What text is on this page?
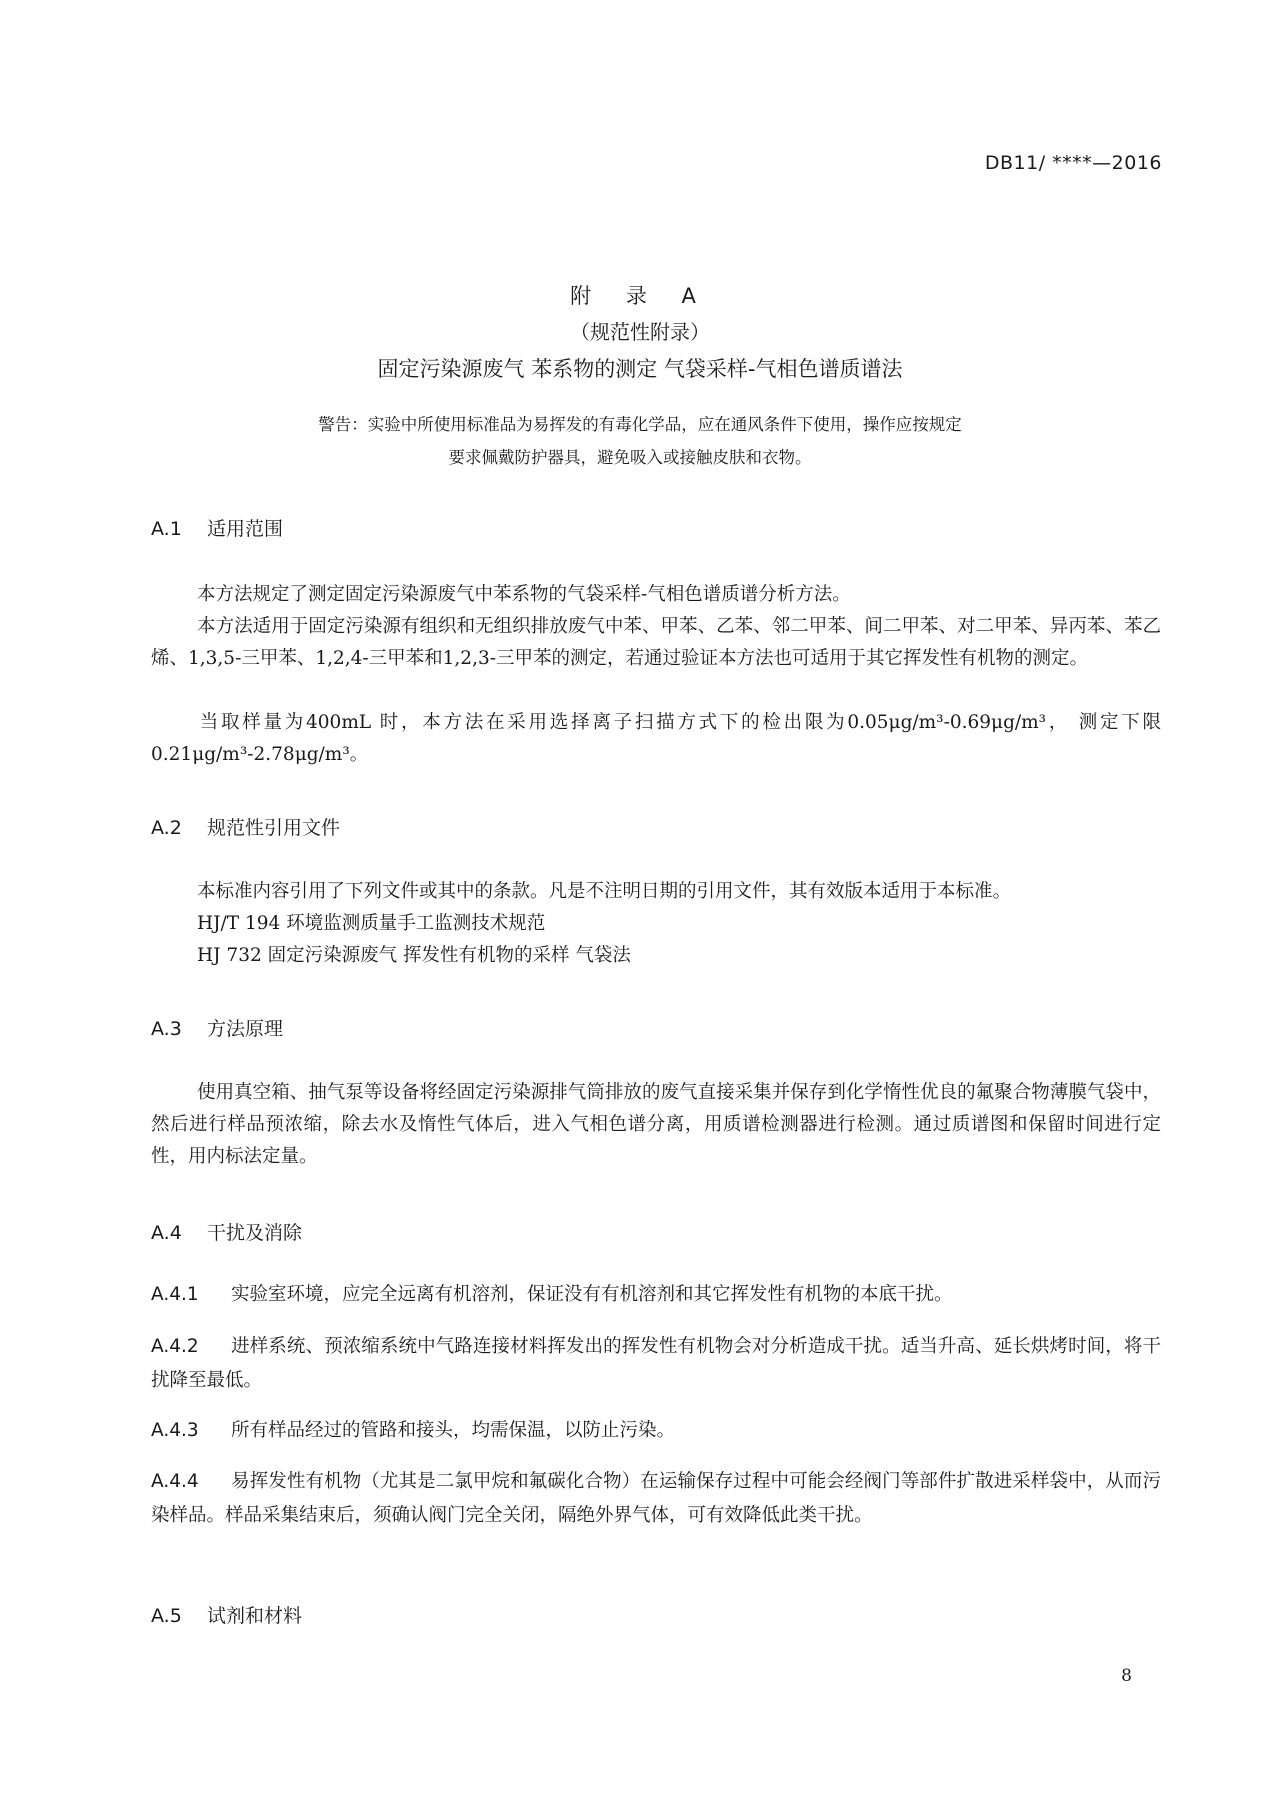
DB11/ ****—2016
附 录 A
（规范性附录）
固定污染源废气 苯系物的测定 气袋采样-气相色谱质谱法
警告：实验中所使用标准品为易挥发的有毒化学品，应在通风条件下使用，操作应按规定
要求佩戴防护器具，避免吸入或接触皮肤和衣物。
A.1 适用范围
本方法规定了测定固定污染源废气中苯系物的气袋采样-气相色谱质谱分析方法。
本方法适用于固定污染源有组织和无组织排放废气中苯、甲苯、乙苯、邻二甲苯、间二甲苯、对二甲苯、异丙苯、苯乙烯、1,3,5-三甲苯、1,2,4-三甲苯和1,2,3-三甲苯的测定，若通过验证本方法也可适用于其它挥发性有机物的测定。
当取样量为400mL 时，本方法在采用选择离子扫描方式下的检出限为0.05μg/m³-0.69μg/m³， 测定下限0.21μg/m³-2.78μg/m³。
A.2 规范性引用文件
本标准内容引用了下列文件或其中的条款。凡是不注明日期的引用文件，其有效版本适用于本标准。
HJ/T 194 环境监测质量手工监测技术规范
HJ 732 固定污染源废气 挥发性有机物的采样 气袋法
A.3 方法原理
使用真空箱、抽气泵等设备将经固定污染源排气筒排放的废气直接采集并保存到化学惰性优良的氟聚合物薄膜气袋中，然后进行样品预浓缩，除去水及惰性气体后，进入气相色谱分离，用质谱检测器进行检测。通过质谱图和保留时间进行定性，用内标法定量。
A.4 干扰及消除
A.4.1 实验室环境，应完全远离有机溶剂，保证没有有机溶剂和其它挥发性有机物的本底干扰。
A.4.2 进样系统、预浓缩系统中气路连接材料挥发出的挥发性有机物会对分析造成干扰。适当升高、延长烘烤时间，将干扰降至最低。
A.4.3 所有样品经过的管路和接头，均需保温，以防止污染。
A.4.4 易挥发性有机物（尤其是二氯甲烷和氟碳化合物）在运输保存过程中可能会经阀门等部件扩散进采样袋中，从而污染样品。样品采集结束后，须确认阀门完全关闭，隔绝外界气体，可有效降低此类干扰。
A.5 试剂和材料
8
